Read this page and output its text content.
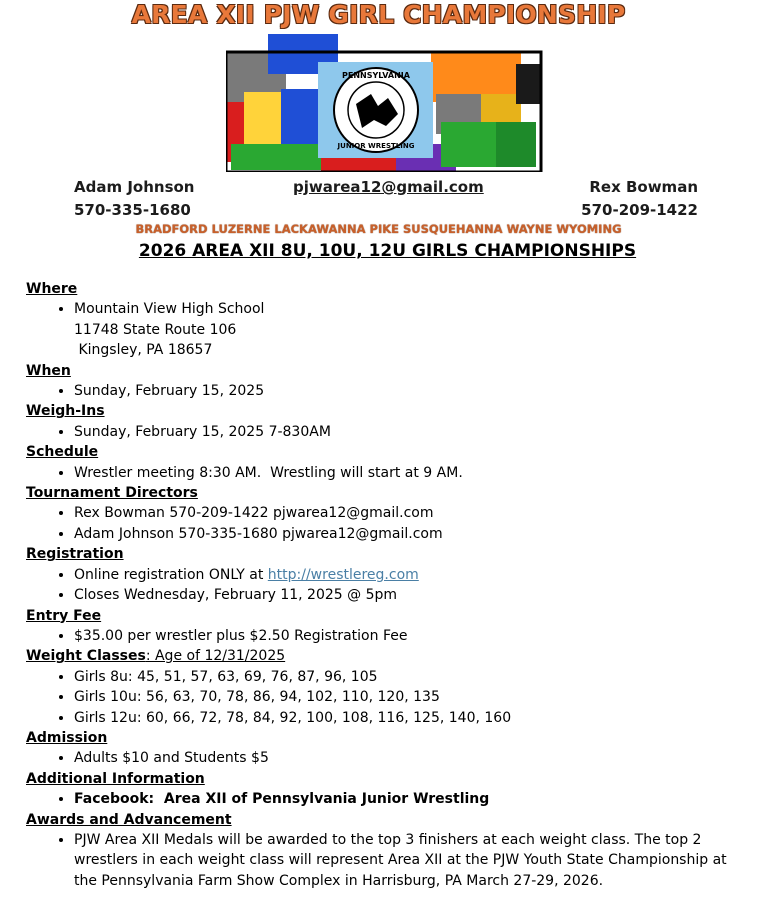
AREA XII PJW GIRL CHAMPIONSHIP
PENNSYLVANIA
JUNIOR WRESTLING
Adam Johnson
570-335-1680
pjwarea12@gmail.com	Rex Bowman
570-209-1422
BRADFORD LUZERNE LACKAWANNA PIKE SUSQUEHANNA WAYNE WYOMING
2026 AREA XII 8U, 10U, 12U GIRLS CHAMPIONSHIPS
Where
• Mountain View High School
11748 State Route 106
Kingsley, PA 18657
When
• Sunday, February 15, 2025
Weigh-Ins
• Sunday, February 15, 2025 7-830AM
Schedule
• Wrestler meeting 8:30 AM.  Wrestling will start at 9 AM.
Tournament Directors
• Rex Bowman 570-209-1422 pjwarea12@gmail.com
• Adam Johnson 570-335-1680 pjwarea12@gmail.com
Registration
• Online registration ONLY at http://wrestlereg.com
• Closes Wednesday, February 11, 2025 @ 5pm
Entry Fee
• $35.00 per wrestler plus $2.50 Registration Fee
Weight Classes: Age of 12/31/2025
• Girls 8u: 45, 51, 57, 63, 69, 76, 87, 96, 105
• Girls 10u: 56, 63, 70, 78, 86, 94, 102, 110, 120, 135
• Girls 12u: 60, 66, 72, 78, 84, 92, 100, 108, 116, 125, 140, 160
Admission
• Adults $10 and Students $5
Additional Information
• Facebook:  Area XII of Pennsylvania Junior Wrestling
Awards and Advancement
• PJW Area XII Medals will be awarded to the top 3 finishers at each weight class. The top 2 wrestlers in each weight class will represent Area XII at the PJW Youth State Championship at the Pennsylvania Farm Show Complex in Harrisburg, PA March 27-29, 2026.
